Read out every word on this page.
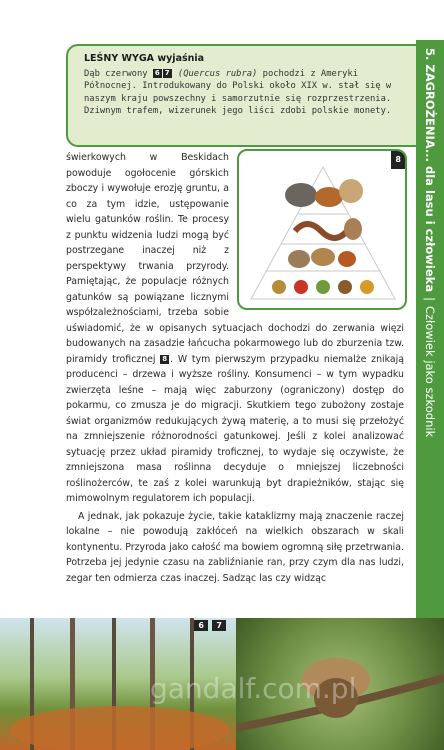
5. ZAGROŻENIA... dla lasu i człowieka|Człowiek jako szkodnik
LEŚNY WYGA wyjaśnia
Dąb czerwony 6 7 (Quercus rubra) pochodzi z Ameryki Północnej. Introdukowany do Polski około XIX w. stał się w naszym kraju powszechny i samorzutnie się rozprzestrzenia. Dziwnym trafem, wizerunek jego liści zdobi polskie monety.
8

świerkowych w Beskidach powoduje ogołocenie górskich zboczy i wywołuje erozję gruntu, a co za tym idzie, ustępowanie wielu gatunków roślin. Te procesy z punktu widzenia ludzi mogą być postrzegane inaczej niż z perspektywy trwania przyrody. Pamiętając, że populacje różnych gatunków są powiązane licznymi współzależnościami, trzeba sobie uświadomić, że w opisanych sytuacjach dochodzi do zerwania więzi budowanych na zasadzie łańcucha pokarmowego lub do zburzenia tzw. piramidy troficznej 8 . W tym pierwszym przypadku niemalże znikają producenci – drzewa i wyższe rośliny. Konsumenci – w tym wypadku zwierzęta leśne – mają więc zaburzony (ograniczony) dostęp do pokarmu, co zmusza je do migracji. Skutkiem tego zubożony zostaje świat organizmów redukujących żywą materię, a to musi się przełożyć na zmniejszenie różnorodności gatunkowej. Jeśli z kolei analizować sytuację przez układ piramidy troficznej, to wydaje się oczywiste, że zmniejszona masa roślinna decyduje o mniejszej liczebności roślinożerców, te zaś z kolei warunkują byt drapieżników, stając się mimowolnym regulatorem ich populacji.

A jednak, jak pokazuje życie, takie kataklizmy mają znaczenie raczej lokalne – nie powodują zakłóceń na wielkich obszarach w skali kontynentu. Przyroda jako całość ma bowiem ogromną siłę przetrwania. Potrzeba jej jedynie czasu na zabliźnianie ran, przy czym dla nas ludzi, zegar ten odmierza czas inaczej. Sadząc las czy widząc

6	7
gandalf.com.pl
